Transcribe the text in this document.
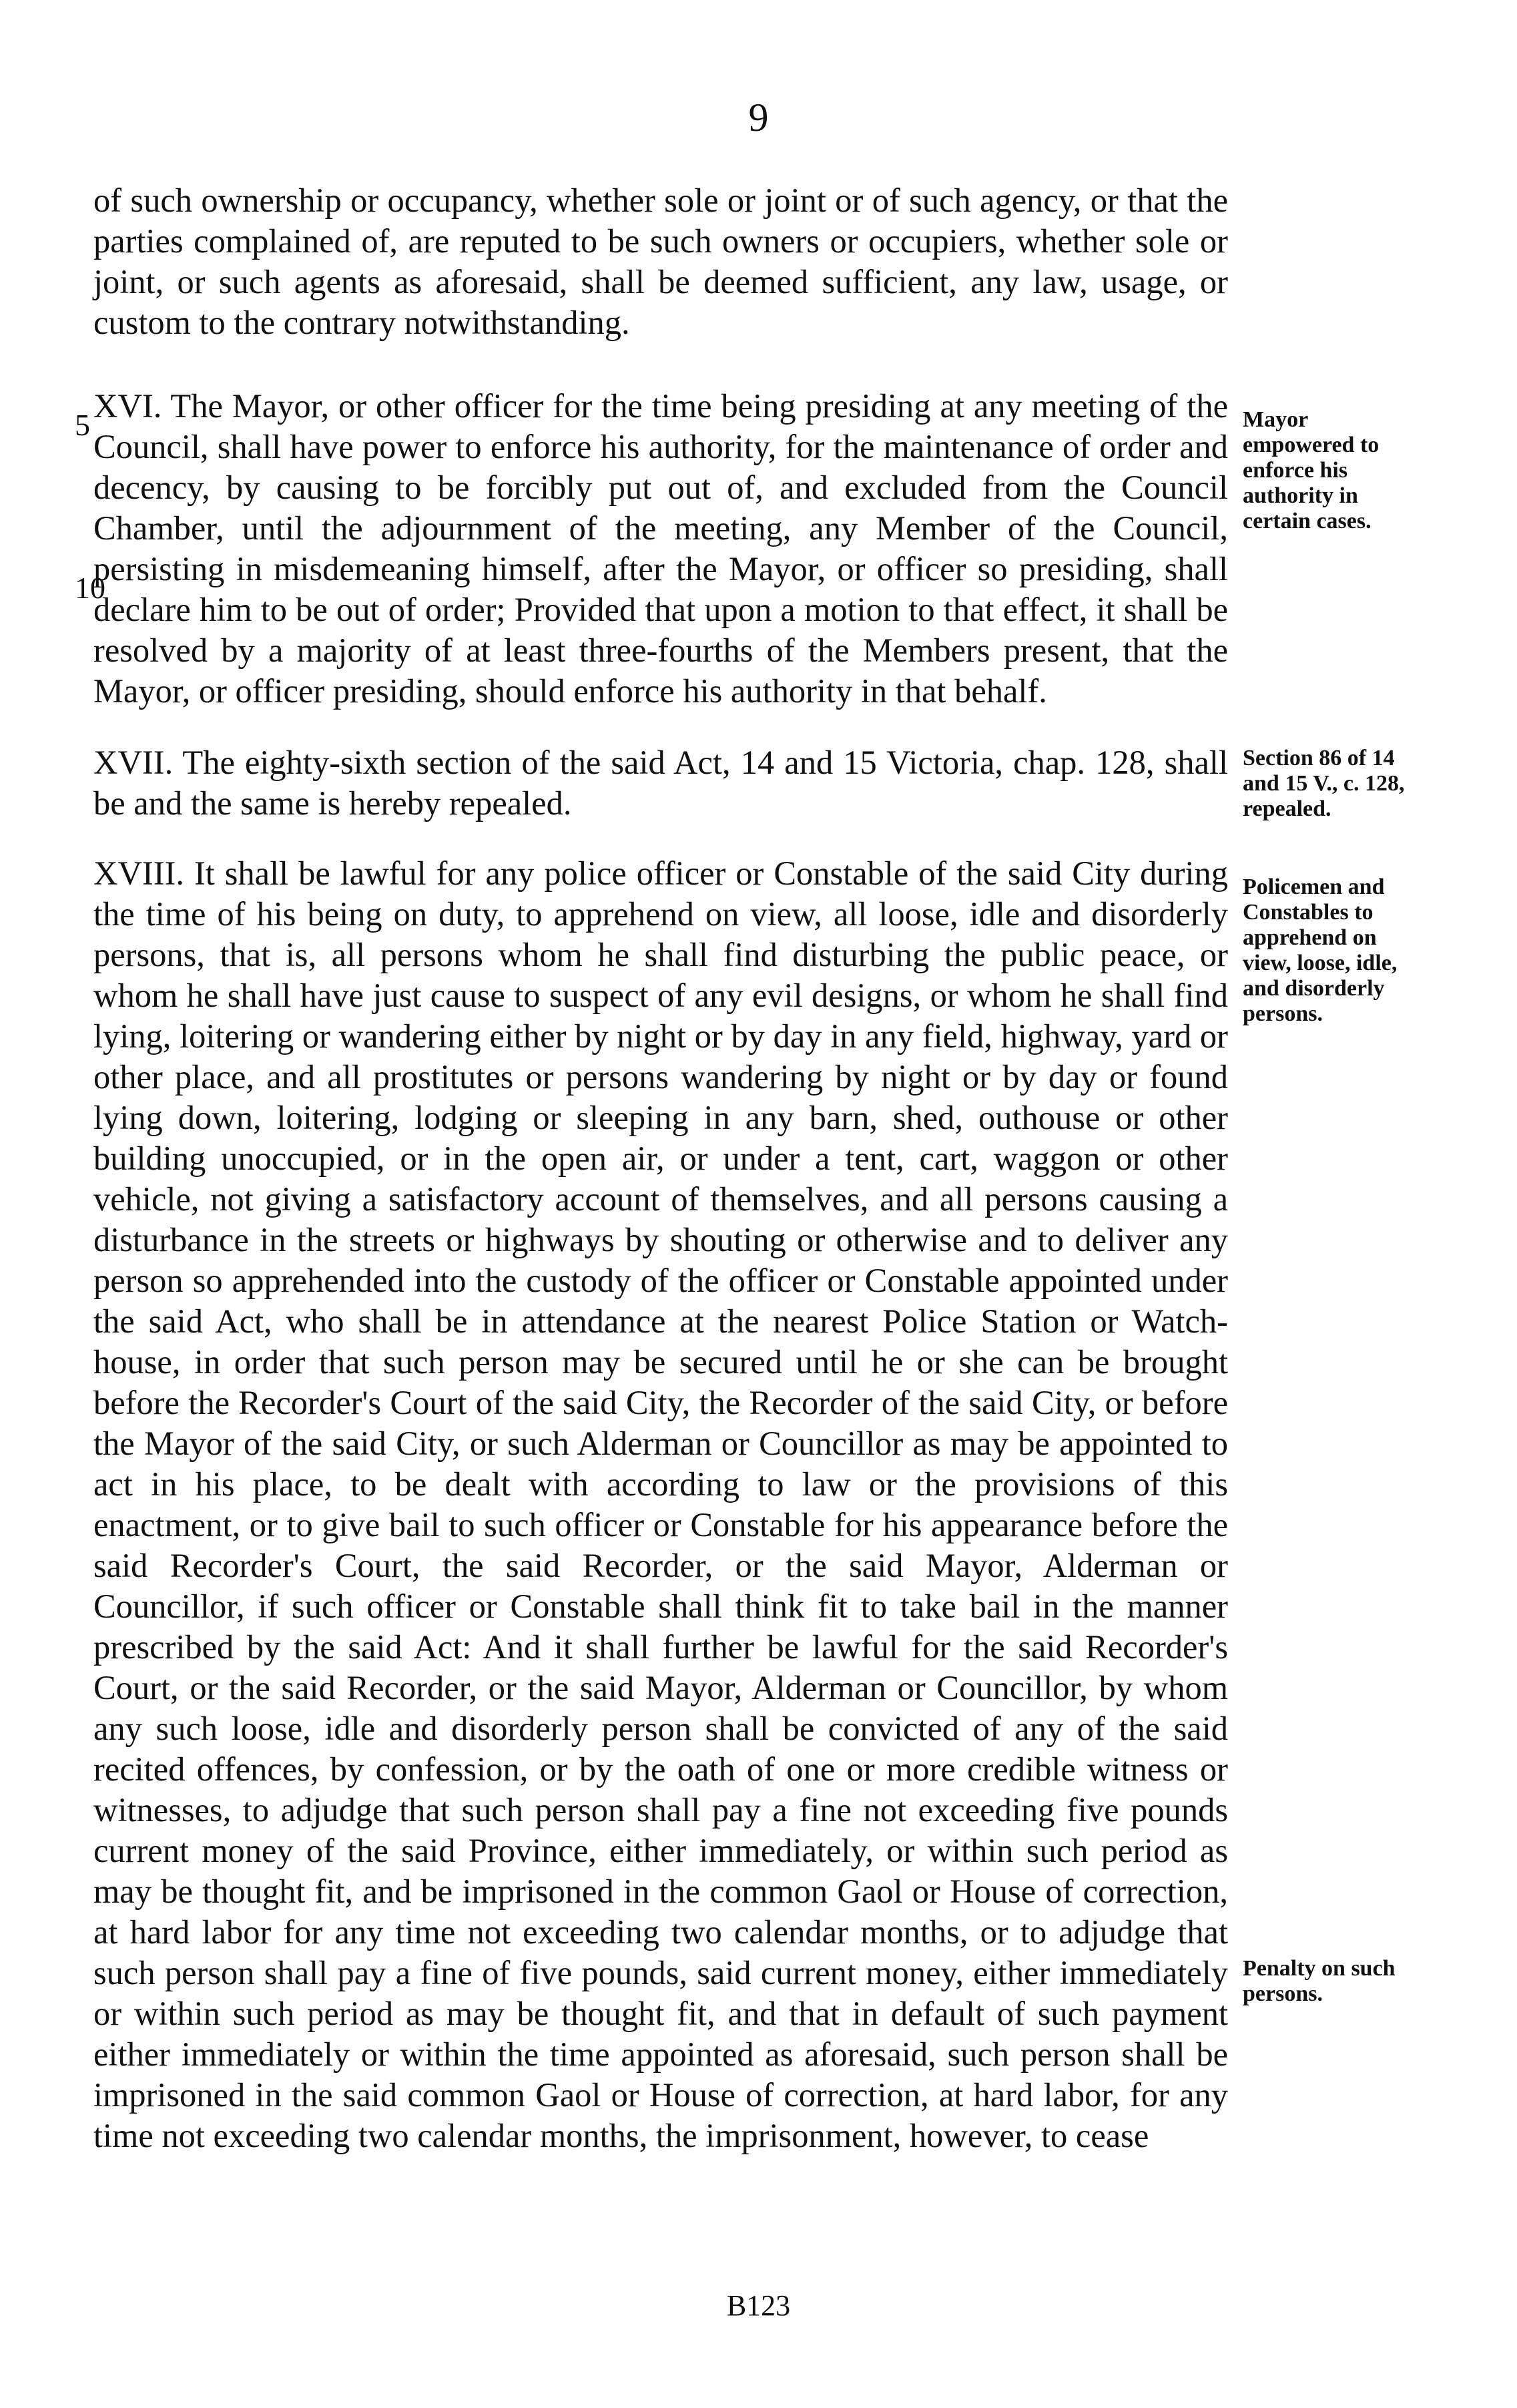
9

of such ownership or occupancy, whether sole or joint or of such agency, or that the parties complained of, are reputed to be such owners or occupiers, whether sole or joint, or such agents as aforesaid, shall be deemed sufficient, any law, usage, or custom to the contrary notwithstanding.

XVI. The Mayor, or other officer for the time being presiding at any meeting of the Council, shall have power to enforce his authority, for the maintenance of order and decency, by causing to be forcibly put out of, and excluded from the Council Chamber, until the adjournment of the meeting, any Member of the Council, persisting in misdemeaning himself, after the Mayor, or officer so presiding, shall declare him to be out of order; Provided that upon a motion to that effect, it shall be resolved by a majority of at least three-fourths of the Members present, that the Mayor, or officer presiding, should enforce his authority in that behalf.

XVII. The eighty-sixth section of the said Act, 14 and 15 Victoria, chap. 128, shall be and the same is hereby repealed.

XVIII. It shall be lawful for any police officer or Constable of the said City during the time of his being on duty, to apprehend on view, all loose, idle and disorderly persons, that is, all persons whom he shall find disturbing the public peace, or whom he shall have just cause to suspect of any evil designs, or whom he shall find lying, loitering or wandering either by night or by day in any field, highway, yard or other place, and all prostitutes or persons wandering by night or by day or found lying down, loitering, lodging or sleeping in any barn, shed, outhouse or other building unoccupied, or in the open air, or under a tent, cart, waggon or other vehicle, not giving a satisfactory account of themselves, and all persons causing a disturbance in the streets or highways by shouting or otherwise and to deliver any person so apprehended into the custody of the officer or Constable appointed under the said Act, who shall be in attendance at the nearest Police Station or Watch-house, in order that such person may be secured until he or she can be brought before the Recorder's Court of the said City, the Recorder of the said City, or before the Mayor of the said City, or such Alderman or Councillor as may be appointed to act in his place, to be dealt with according to law or the provisions of this enactment, or to give bail to such officer or Constable for his appearance before the said Recorder's Court, the said Recorder, or the said Mayor, Alderman or Councillor, if such officer or Constable shall think fit to take bail in the manner prescribed by the said Act: And it shall further be lawful for the said Recorder's Court, or the said Recorder, or the said Mayor, Alderman or Councillor, by whom any such loose, idle and disorderly person shall be convicted of any of the said recited offences, by confession, or by the oath of one or more credible witness or witnesses, to adjudge that such person shall pay a fine not exceeding five pounds current money of the said Province, either immediately, or within such period as may be thought fit, and be imprisoned in the common Gaol or House of correction, at hard labor for any time not exceeding two calendar months, or to adjudge that such person shall pay a fine of five pounds, said current money, either immediately or within such period as may be thought fit, and that in default of such payment either immediately or within the time appointed as aforesaid, such person shall be imprisoned in the said common Gaol or House of correction, at hard labor, for any time not exceeding two calendar months, the imprisonment, however, to cease

5
10
Mayor empowered to enforce his authority in certain cases.
Section 86 of 14 and 15 V., c. 128, repealed.
Policemen and Constables to apprehend on view, loose, idle, and disorderly persons.
Penalty on such persons.
B123
